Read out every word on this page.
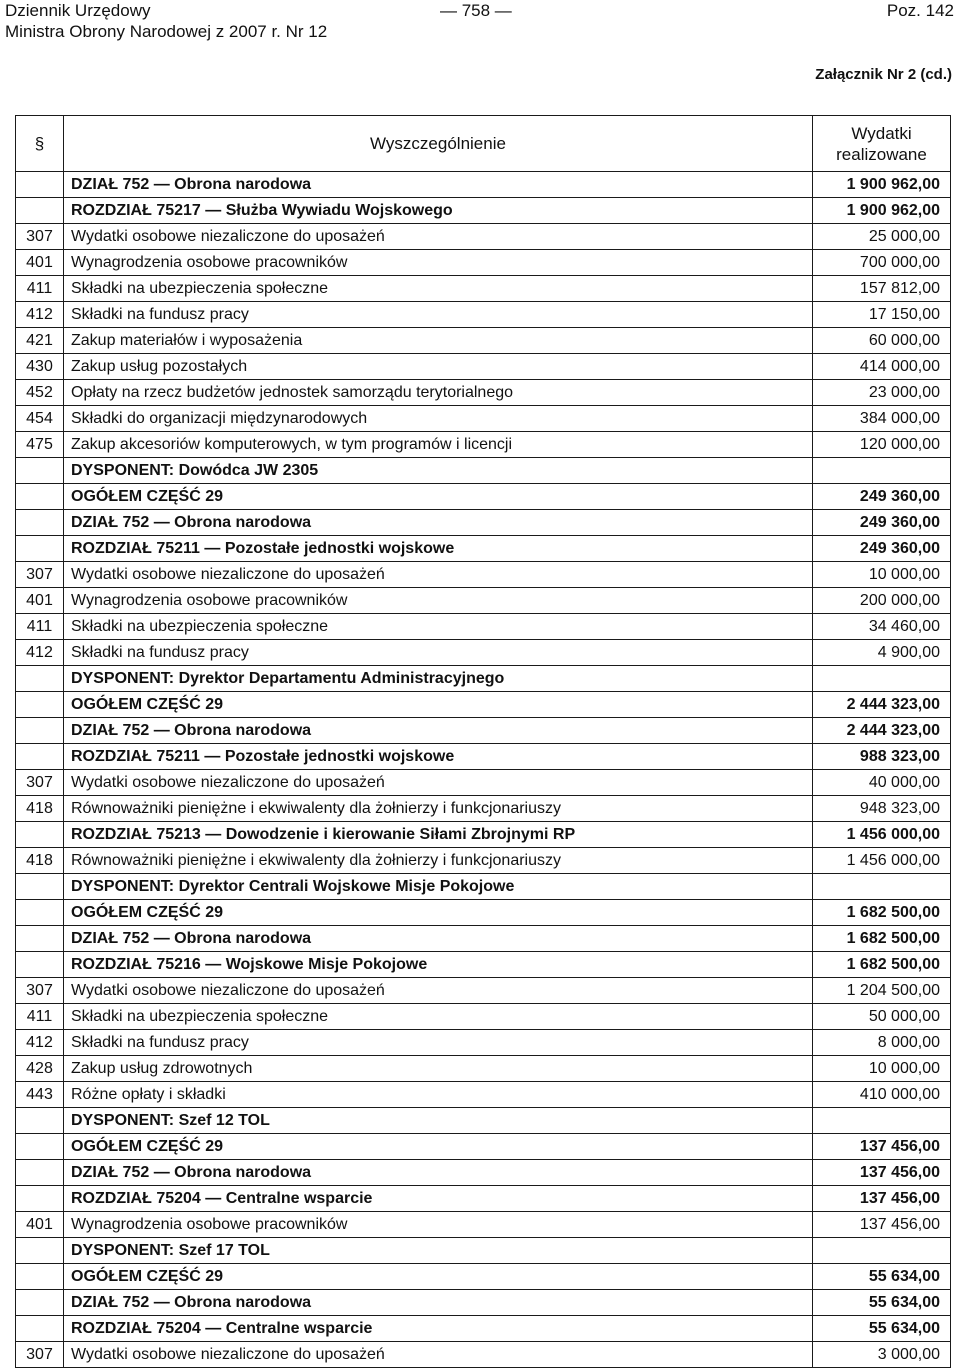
Dziennik Urzędowy
Ministra Obrony Narodowej z 2007 r. Nr 12
— 758 —	Poz. 142
Załącznik Nr 2 (cd.)
§	Wyszczególnienie	Wydatki realizowane
	DZIAŁ 752 — Obrona narodowa	1 900 962,00
	ROZDZIAŁ 75217 — Służba Wywiadu Wojskowego	1 900 962,00
307	Wydatki osobowe niezaliczone do uposażeń	25 000,00
401	Wynagrodzenia osobowe pracowników	700 000,00
411	Składki na ubezpieczenia społeczne	157 812,00
412	Składki na fundusz pracy	17 150,00
421	Zakup materiałów i wyposażenia	60 000,00
430	Zakup usług pozostałych	414 000,00
452	Opłaty na rzecz budżetów jednostek samorządu terytorialnego	23 000,00
454	Składki do organizacji międzynarodowych	384 000,00
475	Zakup akcesoriów komputerowych, w tym programów i licencji	120 000,00
	DYSPONENT: Dowódca JW 2305	
	OGÓŁEM CZĘŚĆ 29	249 360,00
	DZIAŁ 752 — Obrona narodowa	249 360,00
	ROZDZIAŁ 75211 — Pozostałe jednostki wojskowe	249 360,00
307	Wydatki osobowe niezaliczone do uposażeń	10 000,00
401	Wynagrodzenia osobowe pracowników	200 000,00
411	Składki na ubezpieczenia społeczne	34 460,00
412	Składki na fundusz pracy	4 900,00
	DYSPONENT: Dyrektor Departamentu Administracyjnego	
	OGÓŁEM CZĘŚĆ 29	2 444 323,00
	DZIAŁ 752 — Obrona narodowa	2 444 323,00
	ROZDZIAŁ 75211 — Pozostałe jednostki wojskowe	988 323,00
307	Wydatki osobowe niezaliczone do uposażeń	40 000,00
418	Równoważniki pieniężne i ekwiwalenty dla żołnierzy i funkcjonariuszy	948 323,00
	ROZDZIAŁ 75213 — Dowodzenie i kierowanie Siłami Zbrojnymi RP	1 456 000,00
418	Równoważniki pieniężne i ekwiwalenty dla żołnierzy i funkcjonariuszy	1 456 000,00
	DYSPONENT: Dyrektor Centrali Wojskowe Misje Pokojowe	
	OGÓŁEM CZĘŚĆ 29	1 682 500,00
	DZIAŁ 752 — Obrona narodowa	1 682 500,00
	ROZDZIAŁ 75216 — Wojskowe Misje Pokojowe	1 682 500,00
307	Wydatki osobowe niezaliczone do uposażeń	1 204 500,00
411	Składki na ubezpieczenia społeczne	50 000,00
412	Składki na fundusz pracy	8 000,00
428	Zakup usług zdrowotnych	10 000,00
443	Różne opłaty i składki	410 000,00
	DYSPONENT: Szef 12 TOL	
	OGÓŁEM CZĘŚĆ 29	137 456,00
	DZIAŁ 752 — Obrona narodowa	137 456,00
	ROZDZIAŁ 75204 — Centralne wsparcie	137 456,00
401	Wynagrodzenia osobowe pracowników	137 456,00
	DYSPONENT: Szef 17 TOL	
	OGÓŁEM CZĘŚĆ 29	55 634,00
	DZIAŁ 752 — Obrona narodowa	55 634,00
	ROZDZIAŁ 75204 — Centralne wsparcie	55 634,00
307	Wydatki osobowe niezaliczone do uposażeń	3 000,00
